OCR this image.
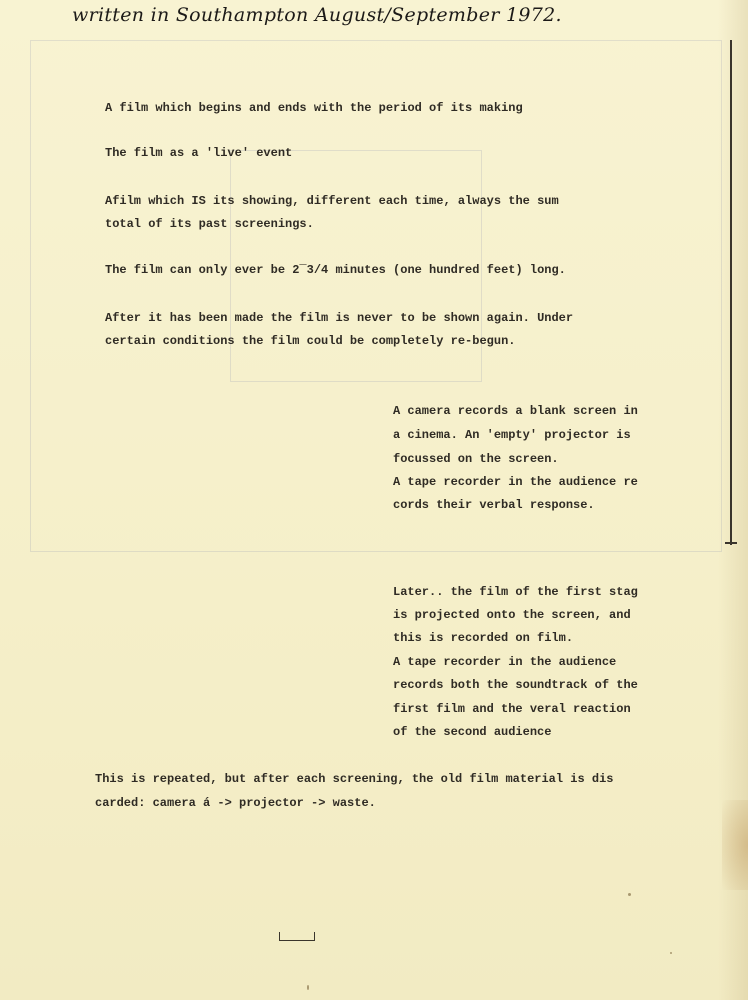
written in Southampton August/September 1972.
A film which begins and ends with the period of its making
The film as a 'live' event
Afilm which IS its showing, different each time, always the sum
total of its past screenings.
The film can only ever be 2¯3/4 minutes (one hundred feet) long.
After it has been made the film is never to be shown again. Under
certain conditions the film could be completely re-begun.
A camera records a blank screen in
a cinema. An 'empty' projector is
focussed on the screen.
A tape recorder in the audience re
cords their verbal response.
Later.. the film of the first stag
is projected onto the screen, and
this is recorded on film.
A tape recorder in the audience
records both the soundtrack of the
first film and the veral reaction
of the second audience
This is repeated, but after each screening, the old film material is dis
carded: camera á -> projector -> waste.
